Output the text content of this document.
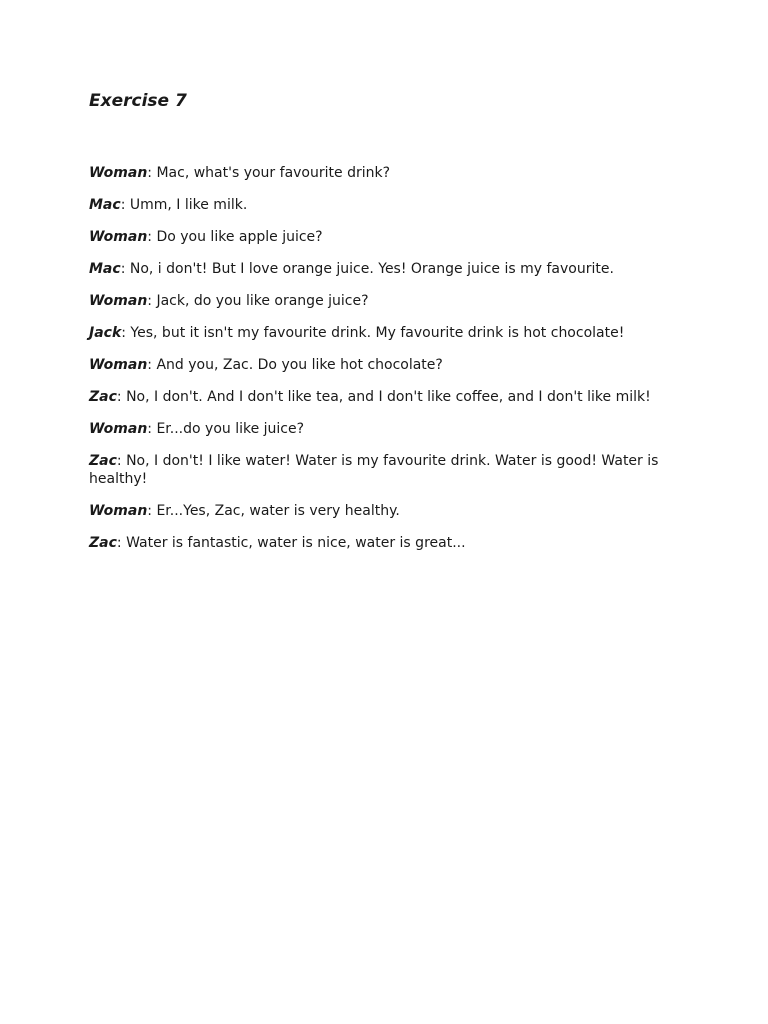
Exercise 7

Woman: Mac, what's your favourite drink?

Mac: Umm, I like milk.

Woman: Do you like apple juice?

Mac: No, i don't! But I love orange juice. Yes! Orange juice is my favourite.

Woman: Jack, do you like orange juice?

Jack: Yes, but it isn't my favourite drink. My favourite drink is hot chocolate!

Woman: And you, Zac. Do you like hot chocolate?

Zac: No, I don't. And I don't like tea, and I don't like coffee, and I don't like milk!

Woman: Er...do you like juice?

Zac: No, I don't! I like water! Water is my favourite drink. Water is good! Water is healthy!

Woman: Er...Yes, Zac, water is very healthy.

Zac: Water is fantastic, water is nice, water is great...
